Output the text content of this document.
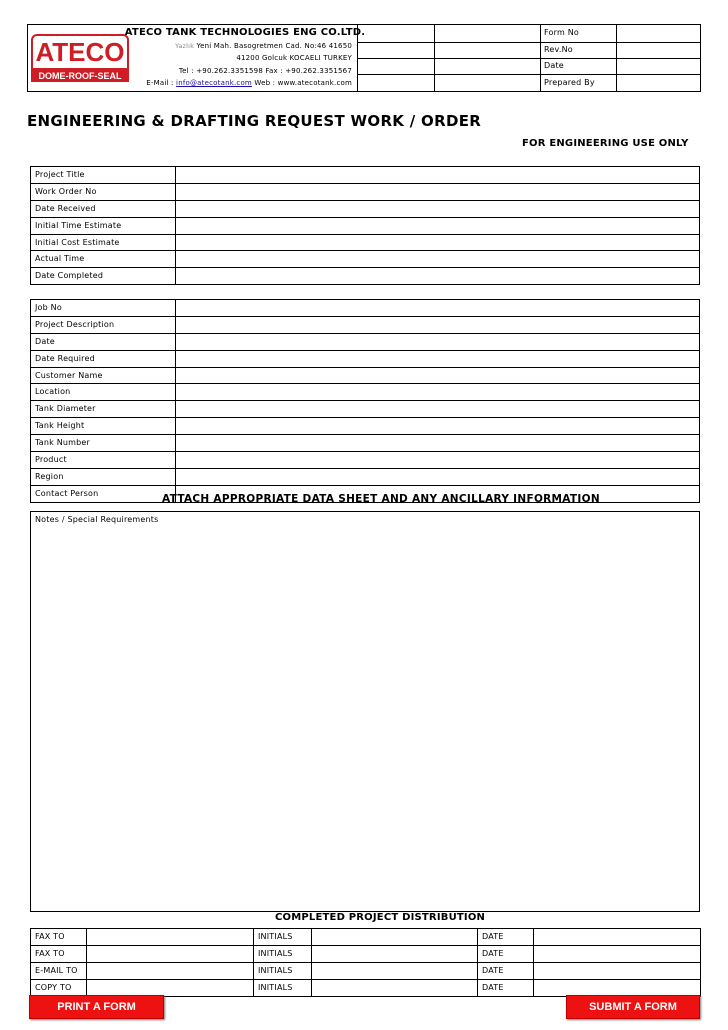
ATECO
DOME-ROOF-SEAL
ATECO TANK TECHNOLOGIES ENG CO.LTD.
Yazlık Yeni Mah. Basogretmen Cad. No:46 41650
41200 Golcuk KOCAELI TURKEY
Tel : +90.262.3351598 Fax : +90.262.3351567
E-Mail : info@atecotank.com Web : www.atecotank.com
Form No
Rev.No
Date
Prepared By
ENGINEERING & DRAFTING REQUEST WORK / ORDER
FOR ENGINEERING USE ONLY
Project Title	
Work Order No	
Date Received	
Initial Time Estimate	
Initial Cost Estimate	
Actual Time	
Date Completed	
Job No	
Project Description	
Date	
Date Required	
Customer Name	
Location	
Tank Diameter	
Tank Height	
Tank Number	
Product	
Region	
Contact Person		ATTACH APPROPRIATE DATA SHEET AND ANY ANCILLARY INFORMATION
Notes / Special Requirements
COMPLETED PROJECT DISTRIBUTION
FAX TO		INITIALS		DATE	
FAX TO		INITIALS		DATE	
E-MAIL TO		INITIALS		DATE	
COPY TO		INITIALS		DATE	
PRINT A FORM	SUBMIT A FORM
